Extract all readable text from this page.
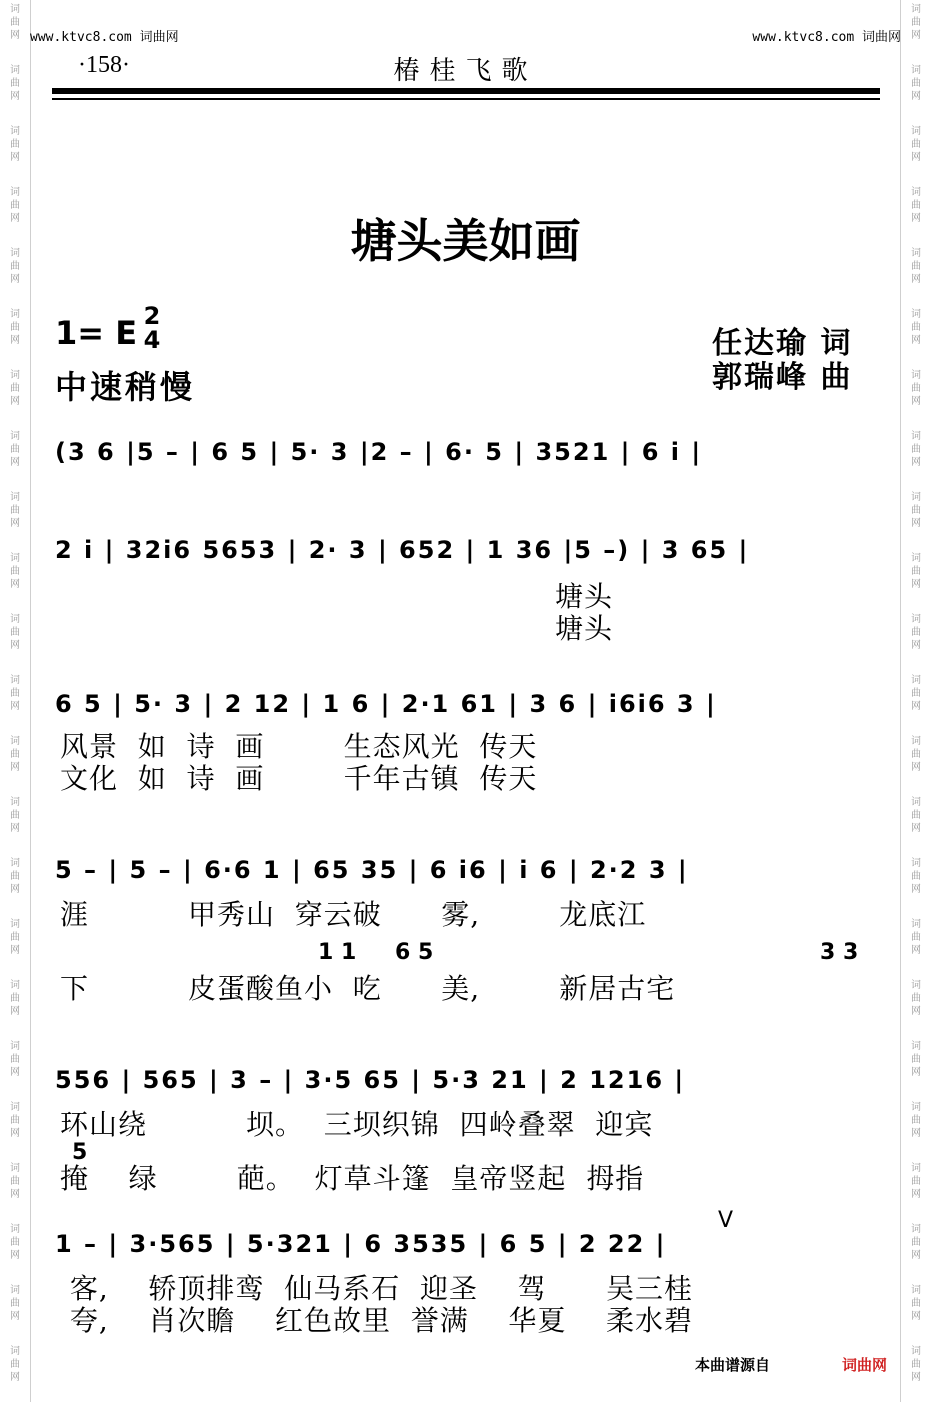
词
曲
网
词
曲
网
词
曲
网
词
曲
网
词
曲
网
词
曲
网
词
曲
网
词
曲
网
词
曲
网
词
曲
网
词
曲
网
词
曲
网
词
曲
网
词
曲
网
词
曲
网
词
曲
网
词
曲
网
词
曲
网
词
曲
网
词
曲
网
词
曲
网
词
曲
网
词
曲
网
词
曲
网
词
曲
网
词
曲
网
词
曲
网
词
曲
网
词
曲
网
词
曲
网
词
曲
网
词
曲
网
词
曲
网
词
曲
网
词
曲
网
词
曲
网
词
曲
网
词
曲
网
词
曲
网
词
曲
网
词
曲
网
词
曲
网
词
曲
网
词
曲
网
词
曲
网
词
曲
网
www.ktvc8.com 词曲网	www.ktvc8.com 词曲网
·158·	椿桂飞歌
塘头美如画
1= E 2
4
中速稍慢
任达瑜 词
郭瑞峰 曲
(3 6 |5 – | 6 5 | 5· 3 |2 – | 6· 5 | 3521 | 6 i |
2 i | 32i6 5653 | 2· 3 | 652 | 1 36 |5 –) | 3 65 |
塘头
塘头
6 5 | 5· 3 | 2 12 | 1 6 | 2·1 61 | 3 6 | i6i6 3 |
风景  如  诗  画        生态风光  传天
文化  如  诗  画        千年古镇  传天
5 – | 5 – | 6·6 1 | 65 35 | 6 i6 | i 6 | 2·2 3 |
涯          甲秀山  穿云破      雾,        龙底江
1 1 6 5	3 3
下          皮蛋酸鱼小  吃      美,        新居古宅
556 | 565 | 3 – | 3·5 65 | 5·3 21 | 2 1216 |
环山绕          坝。  三坝织锦  四岭叠翠  迎宾
5
掩    绿        葩。  灯草斗篷  皇帝竖起  拇指
1 – | 3·565 | 5·321 | 6 3535 | 6 5 | 2 22 |
V
客,    轿顶排鸾  仙马系石  迎圣    驾      吴三桂
夸,    肖次瞻    红色故里  誉满    华夏    柔水碧
本曲谱源自	词曲网
